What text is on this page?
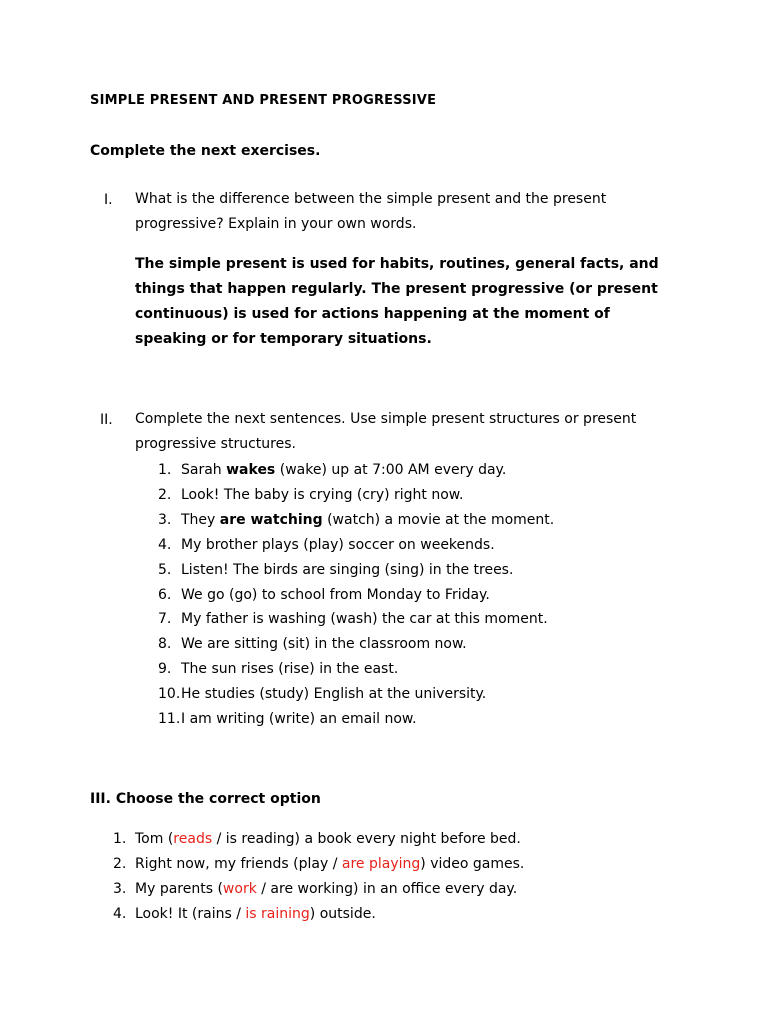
SIMPLE PRESENT AND PRESENT PROGRESSIVE
Complete the next exercises.
I. What is the difference between the simple present and the present
progressive? Explain in your own words.
The simple present is used for habits, routines, general facts, and things that happen regularly. The present progressive (or present continuous) is used for actions happening at the moment of speaking or for temporary situations.
II. Complete the next sentences. Use simple present structures or present
progressive structures.
1. Sarah wakes (wake) up at 7:00 AM every day.
2. Look! The baby is crying (cry) right now.
3. They are watching (watch) a movie at the moment.
4. My brother plays (play) soccer on weekends.
5. Listen! The birds are singing (sing) in the trees.
6. We go (go) to school from Monday to Friday.
7. My father is washing (wash) the car at this moment.
8. We are sitting (sit) in the classroom now.
9. The sun rises (rise) in the east.
10. He studies (study) English at the university.
11. I am writing (write) an email now.
III. Choose the correct option
1. Tom (reads / is reading) a book every night before bed.
2. Right now, my friends (play / are playing) video games.
3. My parents (work / are working) in an office every day.
4. Look! It (rains / is raining) outside.
